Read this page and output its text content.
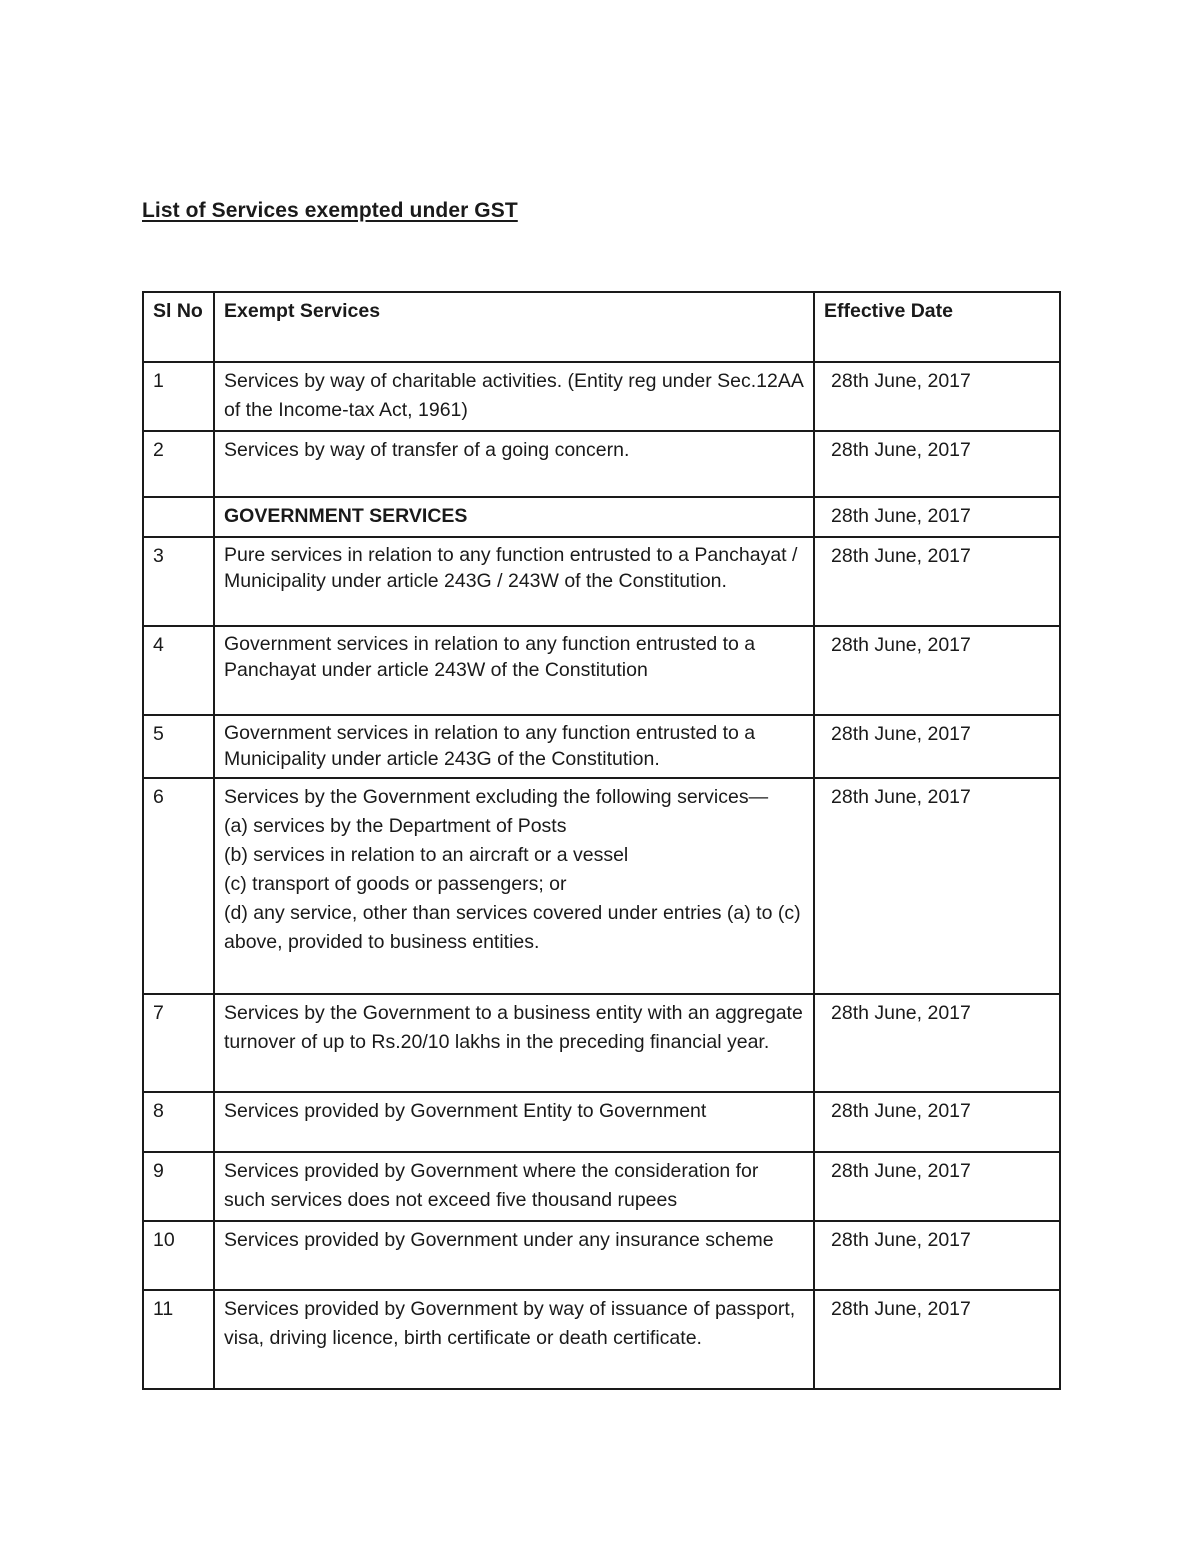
List of Services exempted under GST
Sl No	Exempt Services	Effective Date
1	Services by way of charitable activities. (Entity reg under Sec.12AA of the Income-tax Act, 1961)	28th June, 2017
2	Services by way of transfer of a going concern.	28th June, 2017
	GOVERNMENT SERVICES	28th June, 2017
3	Pure services in relation to any function entrusted to a Panchayat / Municipality under article 243G / 243W of the Constitution.	28th June, 2017
4	Government services in relation to any function entrusted to a Panchayat under article 243W of the Constitution	28th June, 2017
5	Government services in relation to any function entrusted to a Municipality under article 243G of the Constitution.	28th June, 2017
6	Services by the Government excluding the following services—
(a) services by the Department of Posts
(b) services in relation to an aircraft or a vessel
(c) transport of goods or passengers; or
(d) any service, other than services covered under entries (a) to (c) above, provided to business entities.	28th June, 2017
7	Services by the Government to a business entity with an aggregate turnover of up to Rs.20/10 lakhs in the preceding financial year.	28th June, 2017
8	Services provided by Government Entity to Government	28th June, 2017
9	Services provided by Government where the consideration for such services does not exceed five thousand rupees	28th June, 2017
10	Services provided by Government under any insurance scheme	28th June, 2017
11	Services provided by Government by way of issuance of passport, visa, driving licence, birth certificate or death certificate.	28th June, 2017
